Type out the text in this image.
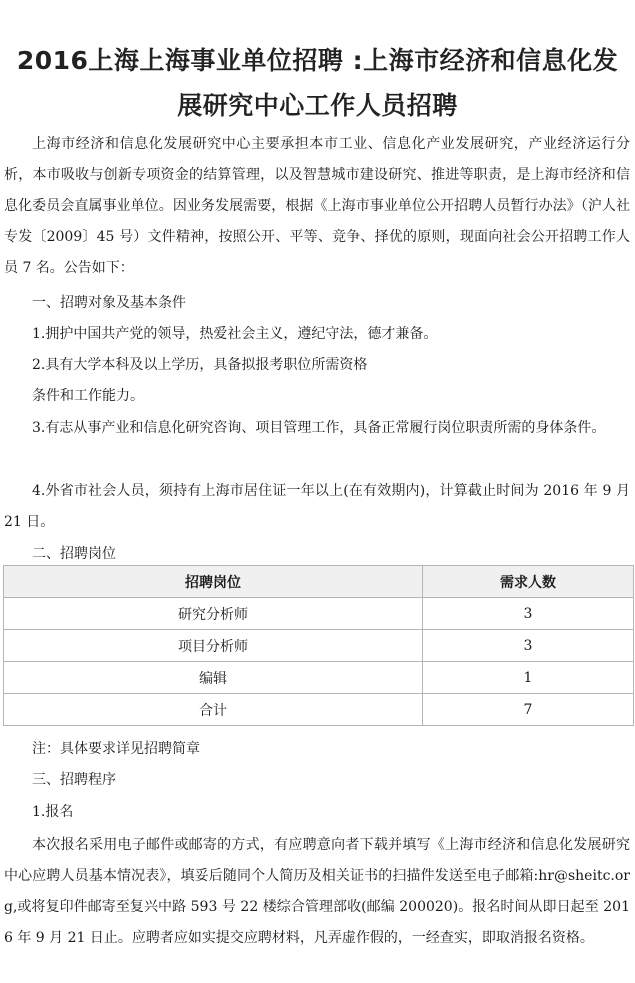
2016上海上海事业单位招聘 :上海市经济和信息化发
展研究中心工作人员招聘
上海市经济和信息化发展研究中心主要承担本市工业、信息化产业发展研究，产业经济运行分析，本市吸收与创新专项资金的结算管理，以及智慧城市建设研究、推进等职责，是上海市经济和信息化委员会直属事业单位。因业务发展需要，根据《上海市事业单位公开招聘人员暂行办法》（沪人社专发〔2009〕45 号）文件精神，按照公开、平等、竞争、择优的原则，现面向社会公开招聘工作人员 7 名。公告如下：
一、招聘对象及基本条件
1.拥护中国共产党的领导，热爱社会主义，遵纪守法，德才兼备。
2.具有大学本科及以上学历，具备拟报考职位所需资格
条件和工作能力。
3.有志从事产业和信息化研究咨询、项目管理工作，具备正常履行岗位职责所需的身体条件。
4.外省市社会人员，须持有上海市居住证一年以上(在有效期内)，计算截止时间为 2016 年 9 月 21 日。
二、招聘岗位
招聘岗位	需求人数
研究分析师	3
项目分析师	3
编辑	1
合计	7
注：具体要求详见招聘简章
三、招聘程序
1.报名
本次报名采用电子邮件或邮寄的方式，有应聘意向者下载并填写《上海市经济和信息化发展研究中心应聘人员基本情况表》，填妥后随同个人简历及相关证书的扫描件发送至电子邮箱:hr@sheitc.org,或将复印件邮寄至复兴中路 593 号 22 楼综合管理部收(邮编 200020)。报名时间从即日起至 2016 年 9 月 21 日止。应聘者应如实提交应聘材料，凡弄虚作假的，一经查实，即取消报名资格。
